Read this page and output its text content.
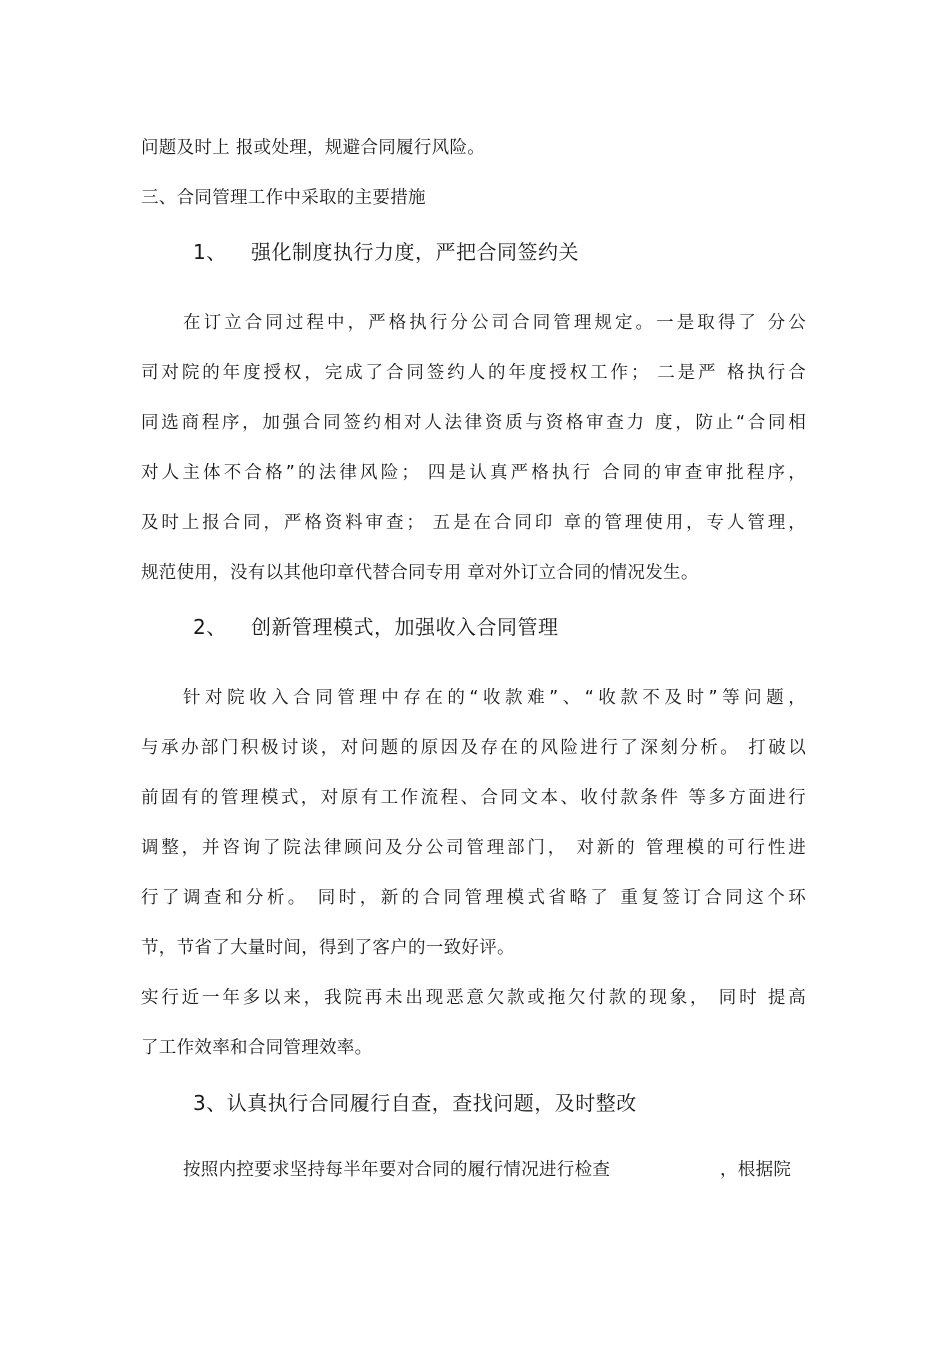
问题及时上 报或处理，规避合同履行风险。
三、合同管理工作中采取的主要措施
1、 强化制度执行力度，严把合同签约关
在订立合同过程中，严格执行分公司合同管理规定。一是取得了 分公
司对院的年度授权，完成了合同签约人的年度授权工作； 二是严 格执行合
同选商程序，加强合同签约相对人法律资质与资格审查力 度，防止“合同相
对人主体不合格”的法律风险； 四是认真严格执行 合同的审查审批程序，
及时上报合同，严格资料审查； 五是在合同印 章的管理使用，专人管理，
规范使用，没有以其他印章代替合同专用 章对外订立合同的情况发生。
2、 创新管理模式，加强收入合同管理
针对院收入合同管理中存在的“收款难”、“收款不及时”等问题，
与承办部门积极讨谈，对问题的原因及存在的风险进行了深刻分析。 打破以
前固有的管理模式，对原有工作流程、合同文本、收付款条件 等多方面进行
调整，并咨询了院法律顾问及分公司管理部门， 对新的 管理模的可行性进
行了调查和分析。 同时，新的合同管理模式省略了 重复签订合同这个环
节，节省了大量时间，得到了客户的一致好评。
实行近一年多以来，我院再未出现恶意欠款或拖欠付款的现象， 同时 提高
了工作效率和合同管理效率。
3、认真执行合同履行自查，查找问题，及时整改
按照内控要求坚持每半年要对合同的履行情况进行检查	，根据院
